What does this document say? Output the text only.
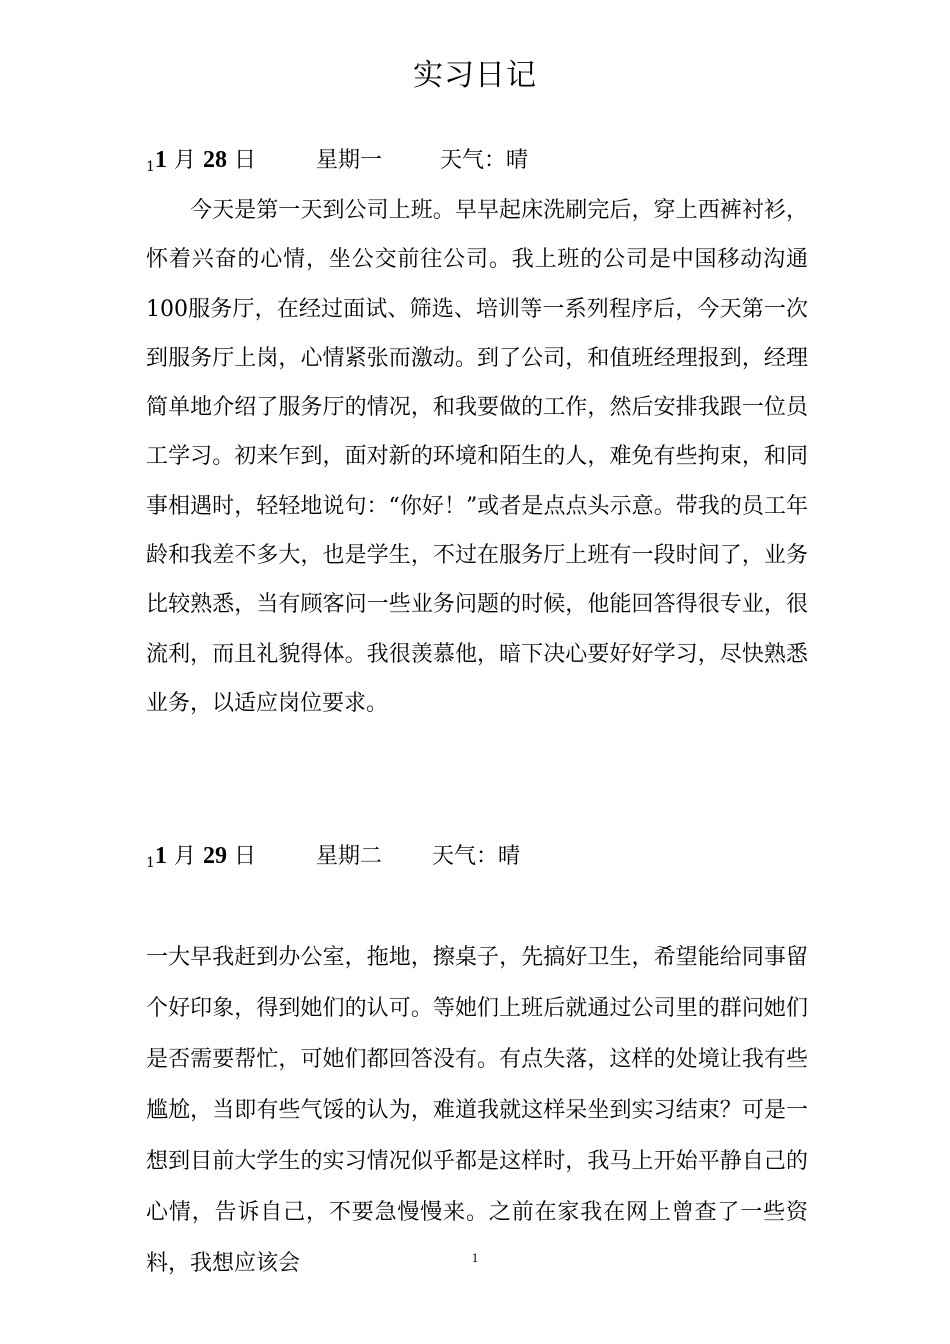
实习日记
$_1$1 月 28 日	星期一	天气：晴

今天是第一天到公司上班。早早起床洗刷完后，穿上西裤衬衫，怀着兴奋的心情，坐公交前往公司。我上班的公司是中国移动沟通100服务厅，在经过面试、筛选、培训等一系列程序后，今天第一次到服务厅上岗，心情紧张而激动。到了公司，和值班经理报到，经理简单地介绍了服务厅的情况，和我要做的工作，然后安排我跟一位员工学习。初来乍到，面对新的环境和陌生的人，难免有些拘束，和同事相遇时，轻轻地说句：“你好！”或者是点点头示意。带我的员工年龄和我差不多大，也是学生，不过在服务厅上班有一段时间了，业务比较熟悉，当有顾客问一些业务问题的时候，他能回答得很专业，很流利，而且礼貌得体。我很羡慕他，暗下决心要好好学习，尽快熟悉业务，以适应岗位要求。

$_1$1 月 29 日	星期二 天气：晴

一大早我赶到办公室，拖地，擦桌子，先搞好卫生，希望能给同事留个好印象，得到她们的认可。等她们上班后就通过公司里的群问她们是否需要帮忙，可她们都回答没有。有点失落，这样的处境让我有些尴尬，当即有些气馁的认为，难道我就这样呆坐到实习结束？可是一想到目前大学生的实习情况似乎都是这样时，我马上开始平静自己的心情，告诉自己，不要急慢慢来。之前在家我在网上曾查了一些资料，我想应该会	1
